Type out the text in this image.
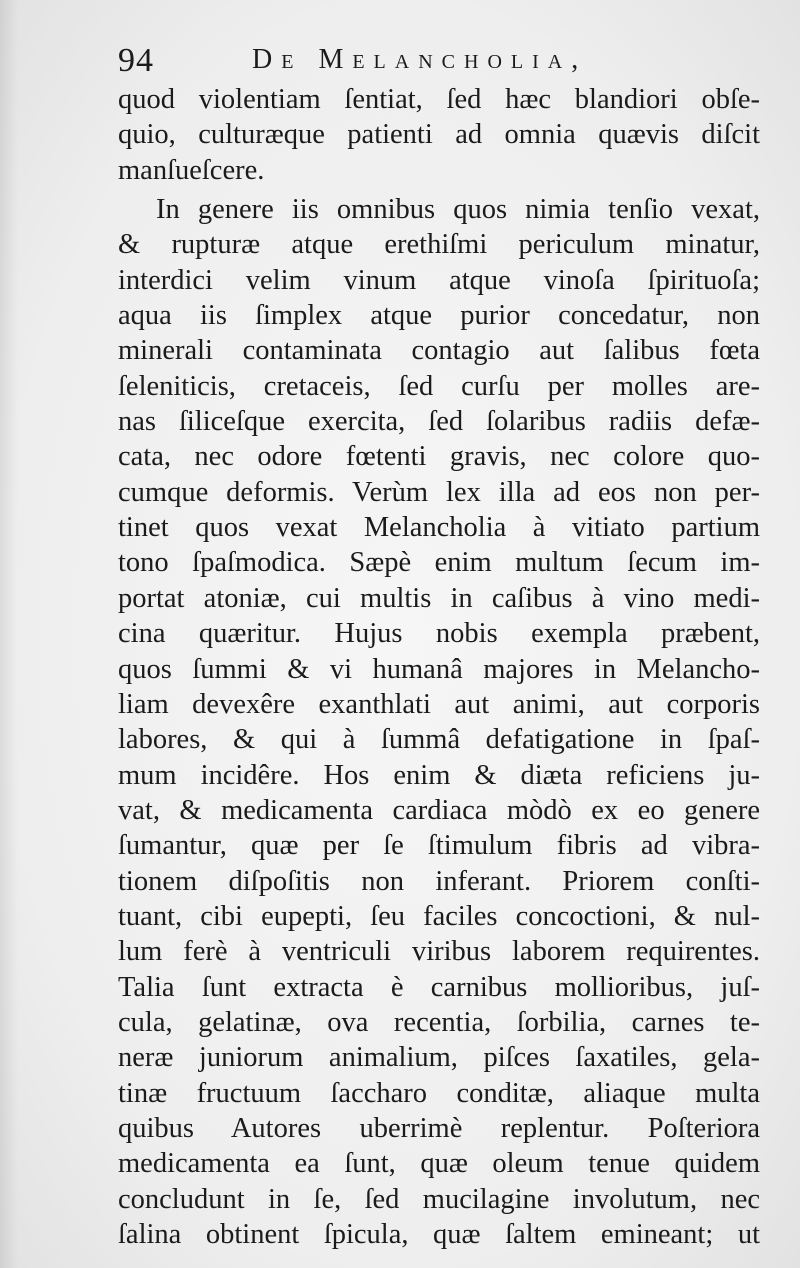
94	De Melancholia,
quod violentiam ſentiat, ſed hæc blandiori obſe-
quio, culturæque patienti ad omnia quævis diſcit
manſueſcere.
In genere iis omnibus quos nimia tenſio vexat,
& rupturæ atque erethiſmi periculum minatur,
interdici velim vinum atque vinoſa ſpirituoſa;
aqua iis ſimplex atque purior concedatur, non
minerali contaminata contagio aut ſalibus fœta
ſeleniticis, cretaceis, ſed curſu per molles are-
nas ſiliceſque exercita, ſed ſolaribus radiis defæ-
cata, nec odore fœtenti gravis, nec colore quo-
cumque deformis. Verùm lex illa ad eos non per-
tinet quos vexat Melancholia à vitiato partium
tono ſpaſmodica. Sæpè enim multum ſecum im-
portat atoniæ, cui multis in caſibus à vino medi-
cina quæritur. Hujus nobis exempla præbent,
quos ſummi & vi humanâ majores in Melancho-
liam devexêre exanthlati aut animi, aut corporis
labores, & qui à ſummâ defatigatione in ſpaſ-
mum incidêre. Hos enim & diæta reficiens ju-
vat, & medicamenta cardiaca mòdò ex eo genere
ſumantur, quæ per ſe ſtimulum fibris ad vibra-
tionem diſpoſitis non inferant. Priorem conſti-
tuant, cibi eupepti, ſeu faciles concoctioni, & nul-
lum ferè à ventriculi viribus laborem requirentes.
Talia ſunt extracta è carnibus mollioribus, juſ-
cula, gelatinæ, ova recentia, ſorbilia, carnes te-
neræ juniorum animalium, piſces ſaxatiles, gela-
tinæ fructuum ſaccharo conditæ, aliaque multa
quibus Autores uberrimè replentur. Poſteriora
medicamenta ea ſunt, quæ oleum tenue quidem
concludunt in ſe, ſed mucilagine involutum, nec
ſalina obtinent ſpicula, quæ ſaltem emineant; ut
